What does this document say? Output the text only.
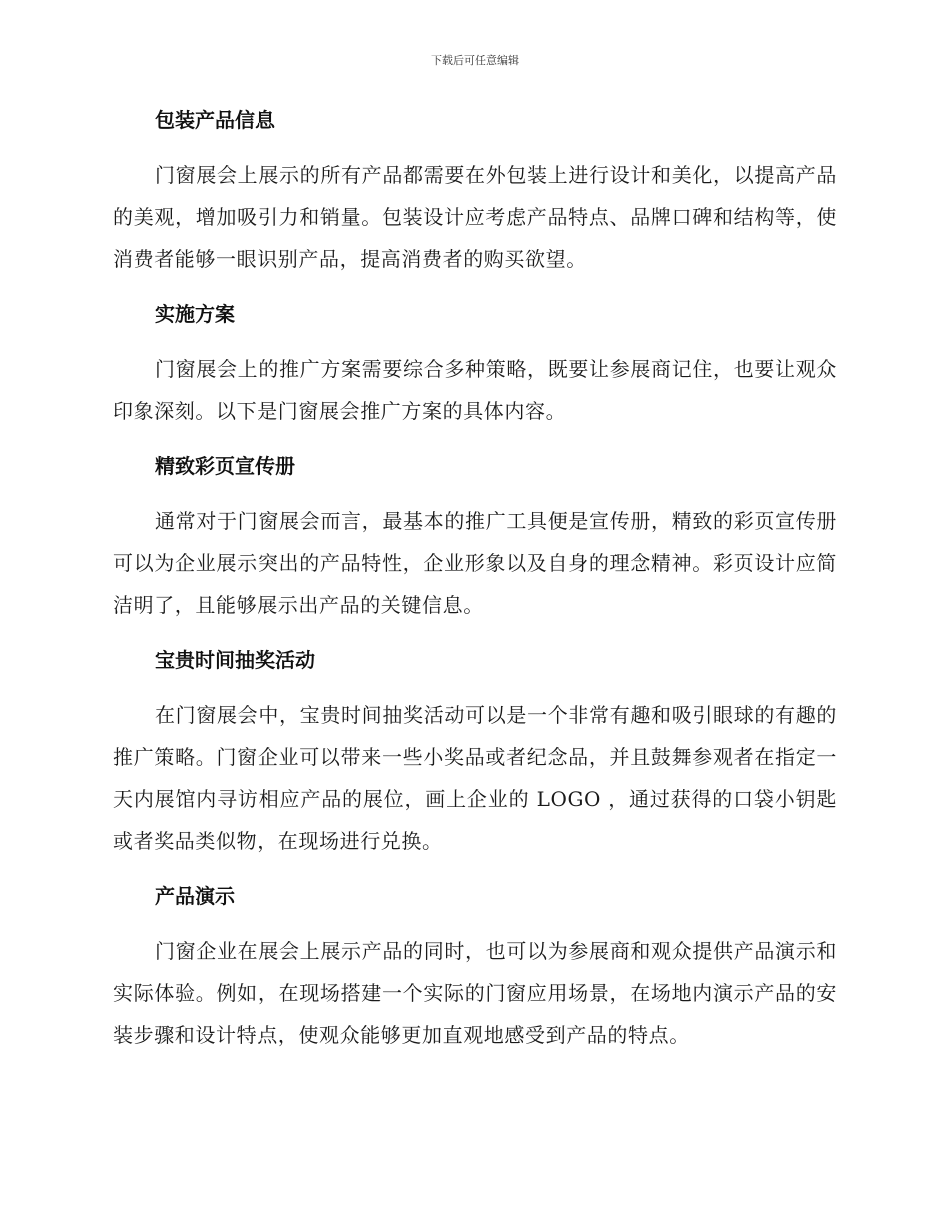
下载后可任意编辑
包装产品信息

门窗展会上展示的所有产品都需要在外包装上进行设计和美化，以提高产品的美观，增加吸引力和销量。包装设计应考虑产品特点、品牌口碑和结构等，使消费者能够一眼识别产品，提高消费者的购买欲望。

实施方案

门窗展会上的推广方案需要综合多种策略，既要让参展商记住，也要让观众印象深刻。以下是门窗展会推广方案的具体内容。

精致彩页宣传册

通常对于门窗展会而言，最基本的推广工具便是宣传册，精致的彩页宣传册可以为企业展示突出的产品特性，企业形象以及自身的理念精神。彩页设计应简洁明了，且能够展示出产品的关键信息。

宝贵时间抽奖活动

在门窗展会中，宝贵时间抽奖活动可以是一个非常有趣和吸引眼球的有趣的推广策略。门窗企业可以带来一些小奖品或者纪念品，并且鼓舞参观者在指定一天内展馆内寻访相应产品的展位，画上企业的 LOGO ，通过获得的口袋小钥匙或者奖品类似物，在现场进行兑换。

产品演示

门窗企业在展会上展示产品的同时，也可以为参展商和观众提供产品演示和实际体验。例如，在现场搭建一个实际的门窗应用场景，在场地内演示产品的安装步骤和设计特点，使观众能够更加直观地感受到产品的特点。
